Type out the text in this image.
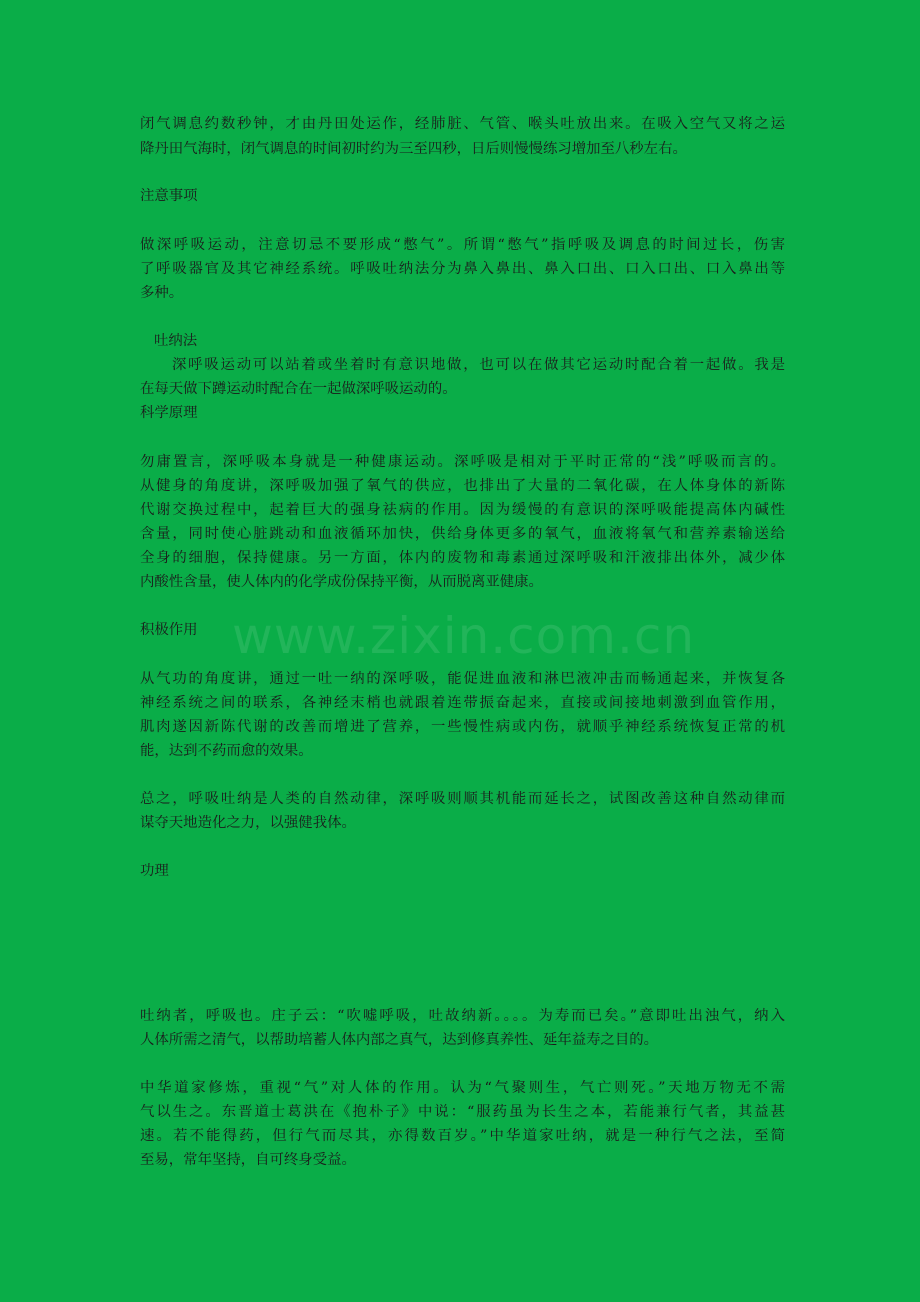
www.zixin.com.cn
闭气调息约数秒钟，才由丹田处运作，经肺脏、气管、喉头吐放出来。在吸入空气又将之运
降丹田气海时，闭气调息的时间初时约为三至四秒，日后则慢慢练习增加至八秒左右。
注意事项
做深呼吸运动，注意切忌不要形成“憋气”。所谓“憋气”指呼吸及调息的时间过长，伤害
了呼吸器官及其它神经系统。呼吸吐纳法分为鼻入鼻出、鼻入口出、口入口出、口入鼻出等
多种。
吐纳法
深呼吸运动可以站着或坐着时有意识地做，也可以在做其它运动时配合着一起做。我是
在每天做下蹲运动时配合在一起做深呼吸运动的。
科学原理
勿庸置言，深呼吸本身就是一种健康运动。深呼吸是相对于平时正常的“浅”呼吸而言的。
从健身的角度讲，深呼吸加强了氧气的供应，也排出了大量的二氧化碳，在人体身体的新陈
代谢交换过程中，起着巨大的强身祛病的作用。因为缓慢的有意识的深呼吸能提高体内碱性
含量，同时使心脏跳动和血液循环加快，供给身体更多的氧气，血液将氧气和营养素输送给
全身的细胞，保持健康。另一方面，体内的废物和毒素通过深呼吸和汗液排出体外，减少体
内酸性含量，使人体内的化学成份保持平衡，从而脱离亚健康。
积极作用
从气功的角度讲，通过一吐一纳的深呼吸，能促进血液和淋巴液冲击而畅通起来，并恢复各
神经系统之间的联系，各神经末梢也就跟着连带振奋起来，直接或间接地刺激到血管作用，
肌肉遂因新陈代谢的改善而增进了营养，一些慢性病或内伤，就顺乎神经系统恢复正常的机
能，达到不药而愈的效果。
总之，呼吸吐纳是人类的自然动律，深呼吸则顺其机能而延长之，试图改善这种自然动律而
谋夺天地造化之力，以强健我体。
功理
吐纳者，呼吸也。庄子云：“吹嘘呼吸，吐故纳新。。。。为寿而已矣。”意即吐出浊气，纳入
人体所需之清气，以帮助培蓄人体内部之真气，达到修真养性、延年益寿之目的。
中华道家修炼，重视“气”对人体的作用。认为“气聚则生，气亡则死。”天地万物无不需
气以生之。东晋道士葛洪在《抱朴子》中说：“服药虽为长生之本，若能兼行气者，其益甚
速。若不能得药，但行气而尽其，亦得数百岁。”中华道家吐纳，就是一种行气之法，至简
至易，常年坚持，自可终身受益。
